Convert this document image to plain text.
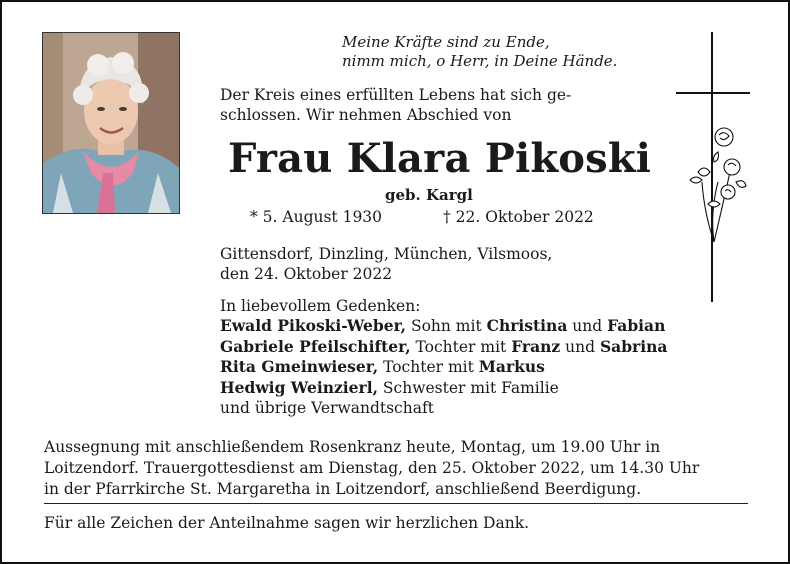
Meine Kräfte sind zu Ende,
nimm mich, o Herr, in Deine Hände.
Der Kreis eines erfüllten Lebens hat sich ge-
schlossen. Wir nehmen Abschied von
Frau Klara Pikoski
geb. Kargl
* 5. August 1930	† 22. Oktober 2022
Gittensdorf, Dinzling, München, Vilsmoos,
den 24. Oktober 2022
In liebevollem Gedenken:
Ewald Pikoski-Weber, Sohn mit Christina und Fabian
Gabriele Pfeilschifter, Tochter mit Franz und Sabrina
Rita Gmeinwieser, Tochter mit Markus
Hedwig Weinzierl, Schwester mit Familie
und übrige Verwandtschaft
Aussegnung mit anschließendem Rosenkranz heute, Montag, um 19.00 Uhr in
Loitzendorf. Trauergottesdienst am Dienstag, den 25. Oktober 2022, um 14.30 Uhr
in der Pfarrkirche St. Margaretha in Loitzendorf, anschließend Beerdigung.
Für alle Zeichen der Anteilnahme sagen wir herzlichen Dank.
